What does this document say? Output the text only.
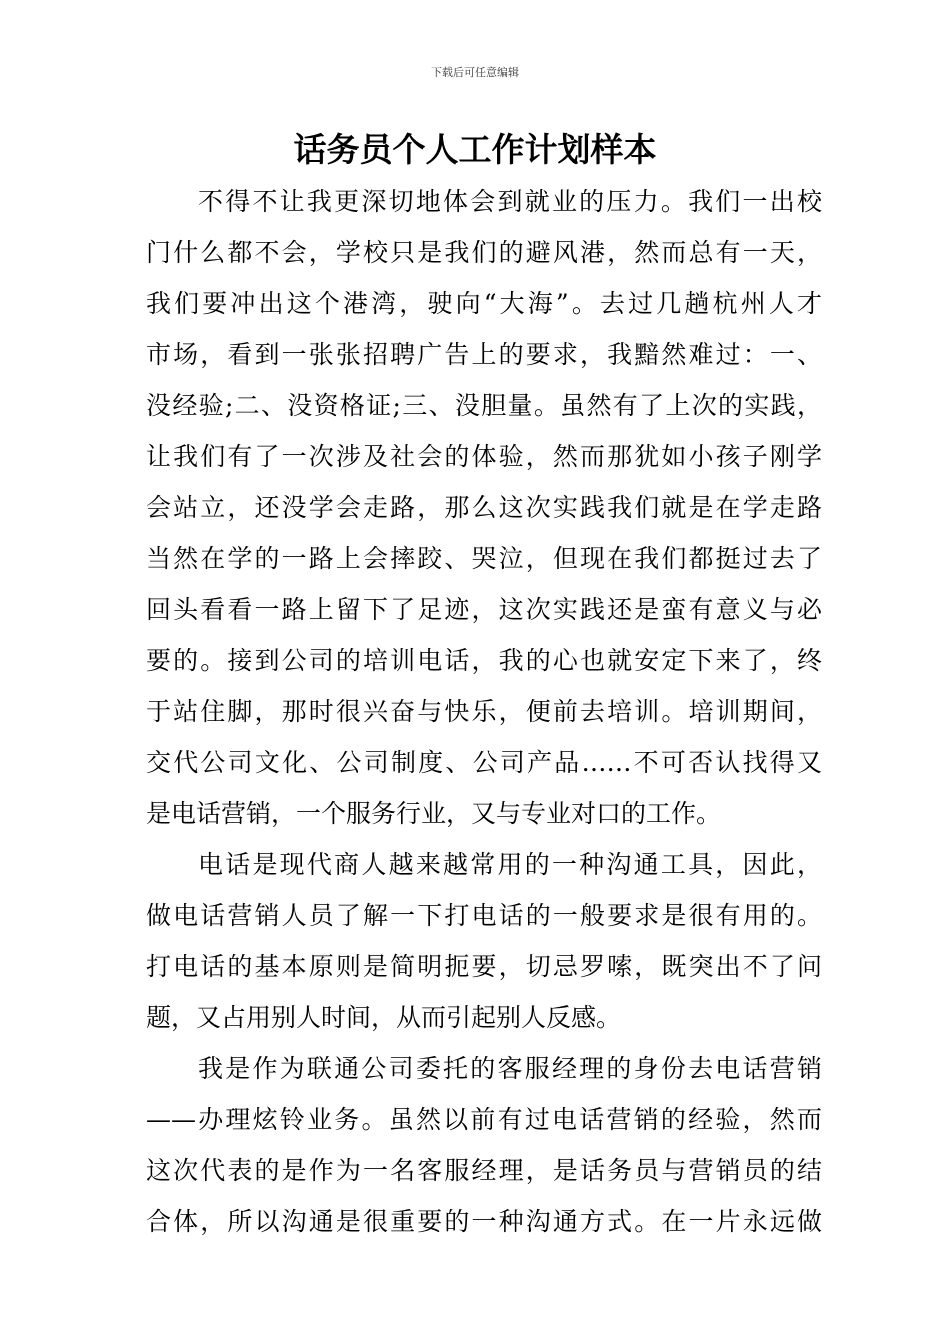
下载后可任意编辑
话务员个人工作计划样本
不得不让我更深切地体会到就业的压力。我们一出校
门什么都不会，学校只是我们的避风港，然而总有一天，
我们要冲出这个港湾，驶向“大海”。去过几趟杭州人才
市场，看到一张张招聘广告上的要求，我黯然难过：一、
没经验;二、没资格证;三、没胆量。虽然有了上次的实践，
让我们有了一次涉及社会的体验，然而那犹如小孩子刚学
会站立，还没学会走路，那么这次实践我们就是在学走路
当然在学的一路上会摔跤、哭泣，但现在我们都挺过去了
回头看看一路上留下了足迹，这次实践还是蛮有意义与必
要的。接到公司的培训电话，我的心也就安定下来了，终
于站住脚，那时很兴奋与快乐，便前去培训。培训期间，
交代公司文化、公司制度、公司产品……不可否认找得又
是电话营销，一个服务行业，又与专业对口的工作。
电话是现代商人越来越常用的一种沟通工具，因此，
做电话营销人员了解一下打电话的一般要求是很有用的。
打电话的基本原则是简明扼要，切忌罗嗦，既突出不了问
题，又占用别人时间，从而引起别人反感。
我是作为联通公司委托的客服经理的身份去电话营销
——办理炫铃业务。虽然以前有过电话营销的经验，然而
这次代表的是作为一名客服经理，是话务员与营销员的结
合体，所以沟通是很重要的一种沟通方式。在一片永远做
